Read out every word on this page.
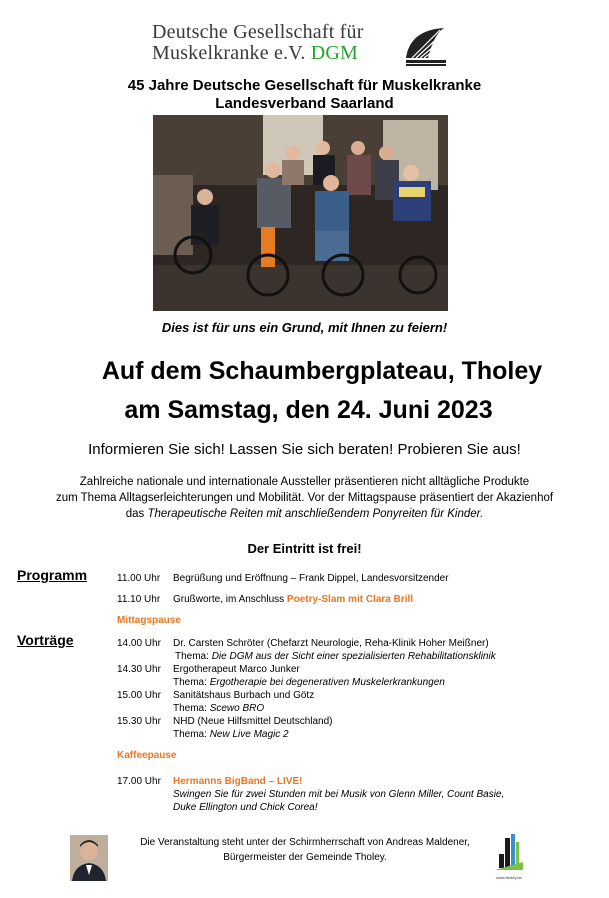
Deutsche Gesellschaft für
Muskelkranke e.V. DGM
45 Jahre Deutsche Gesellschaft für Muskelkranke
Landesverband Saarland
Dies ist für uns ein Grund, mit Ihnen zu feiern!
Auf dem Schaumbergplateau, Tholey
am Samstag, den 24. Juni 2023
Informieren Sie sich! Lassen Sie sich beraten! Probieren Sie aus!
Zahlreiche nationale und internationale Aussteller präsentieren nicht alltägliche Produkte
zum Thema Alltagserleichterungen und Mobilität. Vor der Mittagspause präsentiert der Akazienhof
das Therapeutische Reiten mit anschließendem Ponyreiten für Kinder.
Der Eintritt ist frei!
Programm	11.00 Uhr	Begrüßung und Eröffnung – Frank Dippel, Landesvorsitzender
11.10 Uhr	Grußworte, im Anschluss Poetry-Slam mit Clara Brill
Mittagspause
Vorträge	14.00 Uhr	Dr. Carsten Schröter (Chefarzt Neurologie, Reha-Klinik Hoher Meißner)
Thema: Die DGM aus der Sicht einer spezialisierten Rehabilitationsklinik
14.30 Uhr	Ergotherapeut Marco Junker
Thema: Ergotherapie bei degenerativen Muskelerkrankungen
15.00 Uhr	Sanitätshaus Burbach und Götz
Thema: Scewo BRO
15.30 Uhr	NHD (Neue Hilfsmittel Deutschland)
Thema: New Live Magic 2
Kaffeepause
17.00 Uhr	Hermanns BigBand – LIVE!
Swingen Sie für zwei Stunden mit bei Musik von Glenn Miller, Count Basie,
Duke Ellington und Chick Corea!
Die Veranstaltung steht unter der Schirmherrschaft von Andreas Maldener,
Bürgermeister der Gemeinde Tholey.
www.tholey.de
